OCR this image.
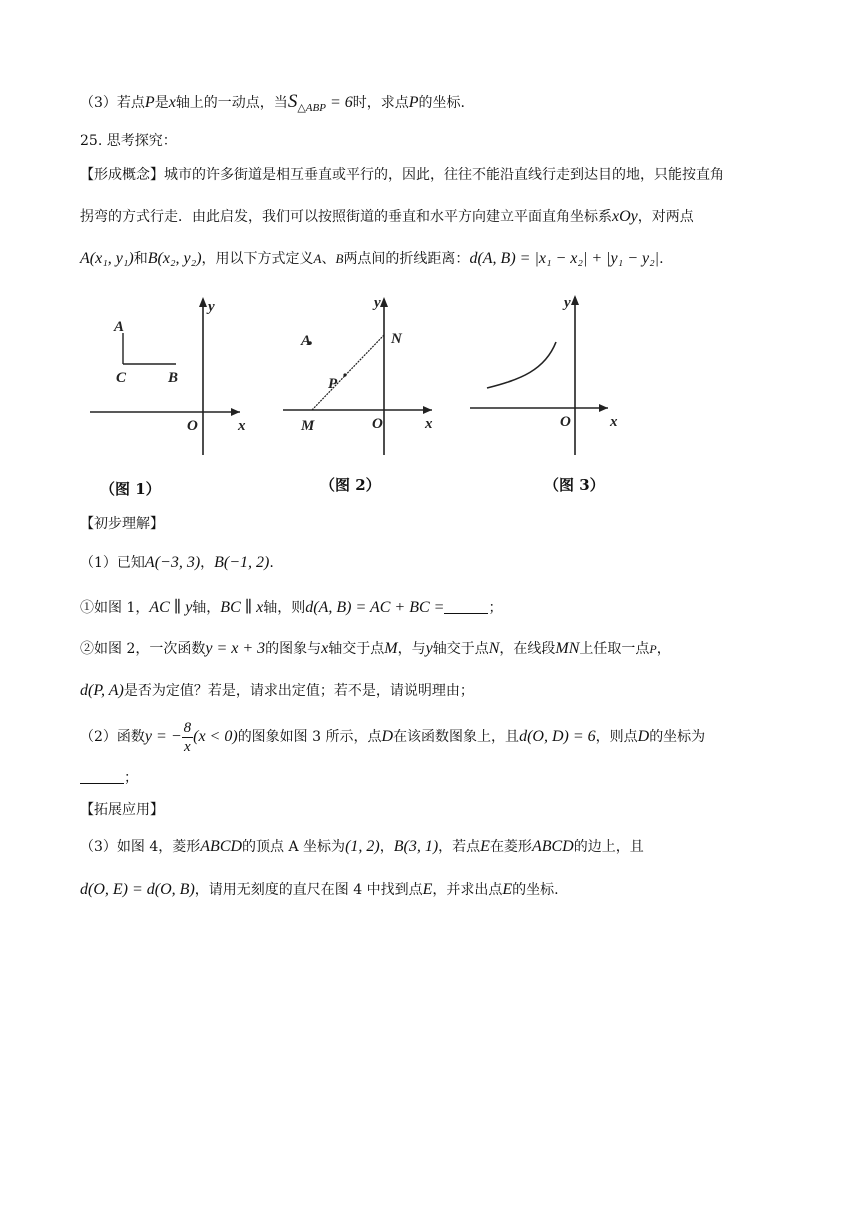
（3）若点P是x轴上的一动点，当$S_{\triangle ABP} = 6$时，求点P的坐标.
25. 思考探究：
【形成概念】城市的许多街道是相互垂直或平行的，因此，往往不能沿直线行走到达目的地，只能按直角
拐弯的方式行走．由此启发，我们可以按照街道的垂直和水平方向建立平面直角坐标系xOy，对两点
A(x₁, y₁)和B(x₂, y₂)，用以下方式定义A、B两点间的折线距离：d(A, B) = |x₁ − x₂| + |y₁ − y₂|.
A
C	B
O	x
y
A	N
P
M	O	x
y
O	x
y
（图 1）	（图 2）	（图 3）
【初步理解】
（1）已知A(−3, 3)，B(−1, 2).
①如图 1，AC ∥ y轴，BC ∥ x轴，则d(A, B) = AC + BC =	；
②如图 2，一次函数y = x + 3的图象与x轴交于点M，与y轴交于点N，在线段MN上任取一点P，
d(P, A)是否为定值？若是，请求出定值；若不是，请说明理由；
（2）函数y = − $\frac{8}{x} (x < 0)$的图象如图 3 所示，点D在该函数图象上，且d(O, D) = 6，则点D的坐标为
；
【拓展应用】
（3）如图 4，菱形ABCD的顶点 A 坐标为(1, 2)，B(3, 1)，若点E在菱形ABCD的边上，且
d(O, E) = d(O, B)，请用无刻度的直尺在图 4 中找到点E，并求出点E的坐标.
